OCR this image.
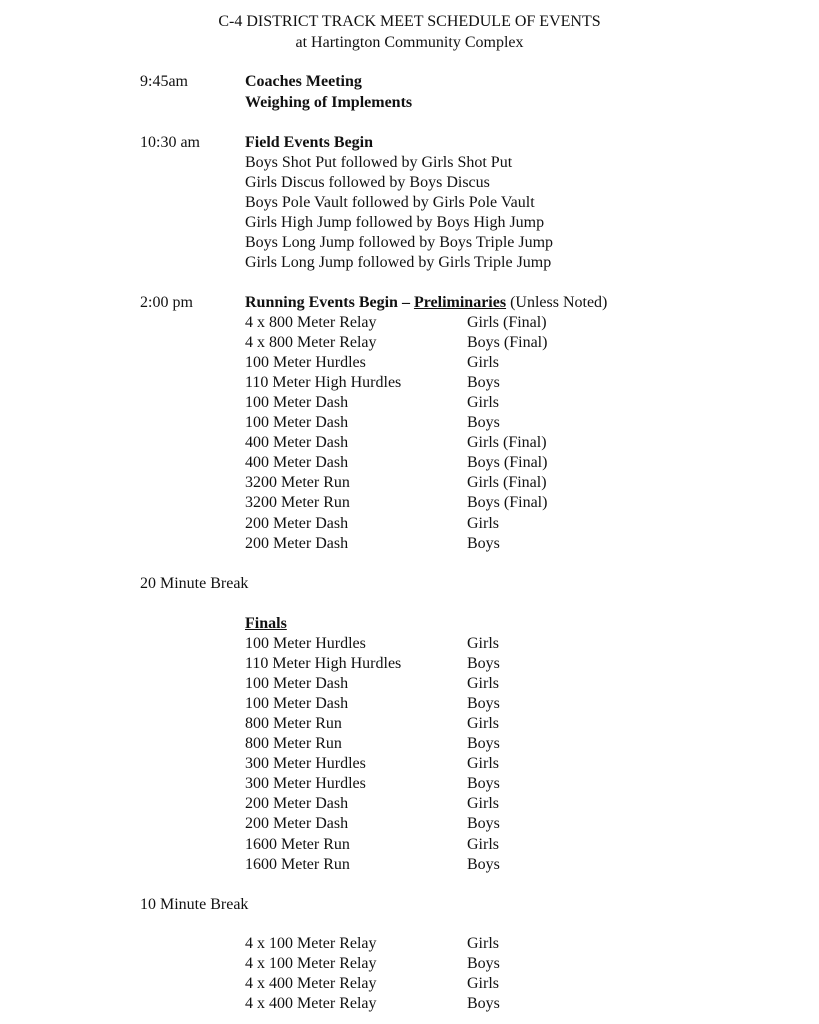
C-4 DISTRICT TRACK MEET SCHEDULE OF EVENTS
at Hartington Community Complex
9:45am	Coaches Meeting
Weighing of Implements
10:30 am	Field Events Begin
Boys Shot Put followed by Girls Shot Put
Girls Discus followed by Boys Discus
Boys Pole Vault followed by Girls Pole Vault
Girls High Jump followed by Boys High Jump
Boys Long Jump followed by Boys Triple Jump
Girls Long Jump followed by Girls Triple Jump
2:00 pm	Running Events Begin – Preliminaries (Unless Noted)
4 x 800 Meter Relay	Girls (Final)
4 x 800 Meter Relay	Boys (Final)
100 Meter Hurdles	Girls
110 Meter High Hurdles	Boys
100 Meter Dash	Girls
100 Meter Dash	Boys
400 Meter Dash	Girls (Final)
400 Meter Dash	Boys (Final)
3200 Meter Run	Girls (Final)
3200 Meter Run	Boys (Final)
200 Meter Dash	Girls
200 Meter Dash	Boys
20 Minute Break
Finals
100 Meter Hurdles	Girls
110 Meter High Hurdles	Boys
100 Meter Dash	Girls
100 Meter Dash	Boys
800 Meter Run	Girls
800 Meter Run	Boys
300 Meter Hurdles	Girls
300 Meter Hurdles	Boys
200 Meter Dash	Girls
200 Meter Dash	Boys
1600 Meter Run	Girls
1600 Meter Run	Boys
10 Minute Break
4 x 100 Meter Relay	Girls
4 x 100 Meter Relay	Boys
4 x 400 Meter Relay	Girls
4 x 400 Meter Relay	Boys
